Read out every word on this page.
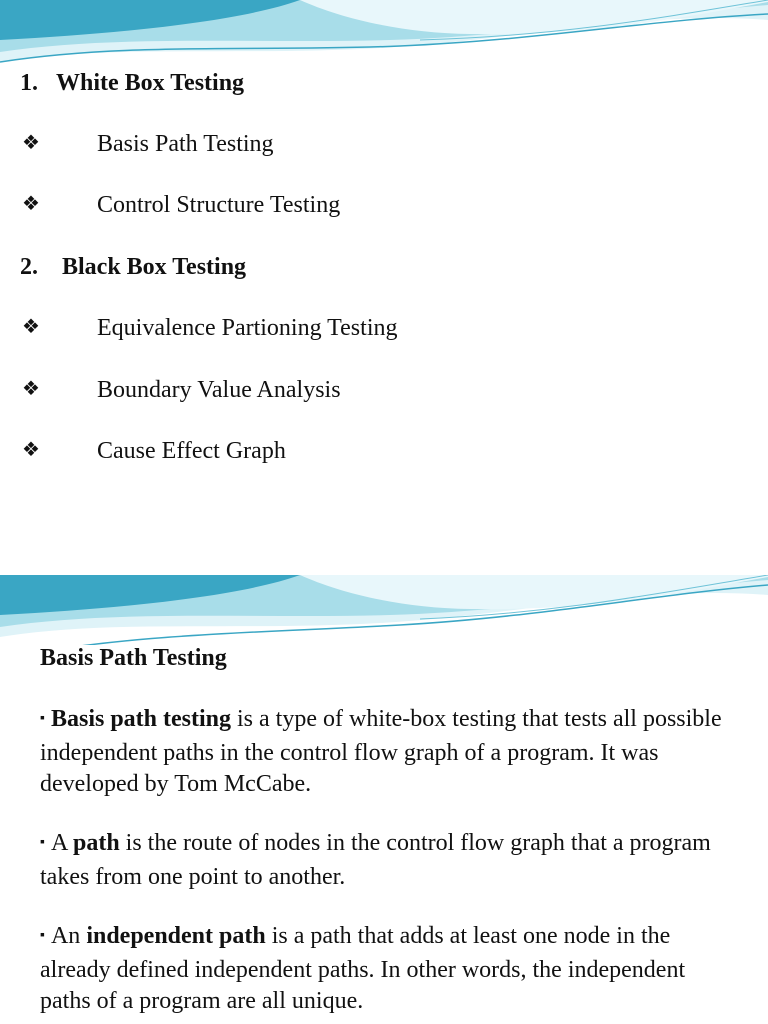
1. White Box Testing
❖ Basis Path Testing
❖ Control Structure Testing
2. Black Box Testing
❖ Equivalence Partioning Testing
❖ Boundary Value Analysis
❖ Cause Effect Graph
Basis Path Testing
▪ Basis path testing is a type of white-box testing that tests all possible independent paths in the control flow graph of a program. It was developed by Tom McCabe.
▪ A path is the route of nodes in the control flow graph that a program takes from one point to another.
▪ An independent path is a path that adds at least one node in the already defined independent paths. In other words, the independent paths of a program are all unique.
